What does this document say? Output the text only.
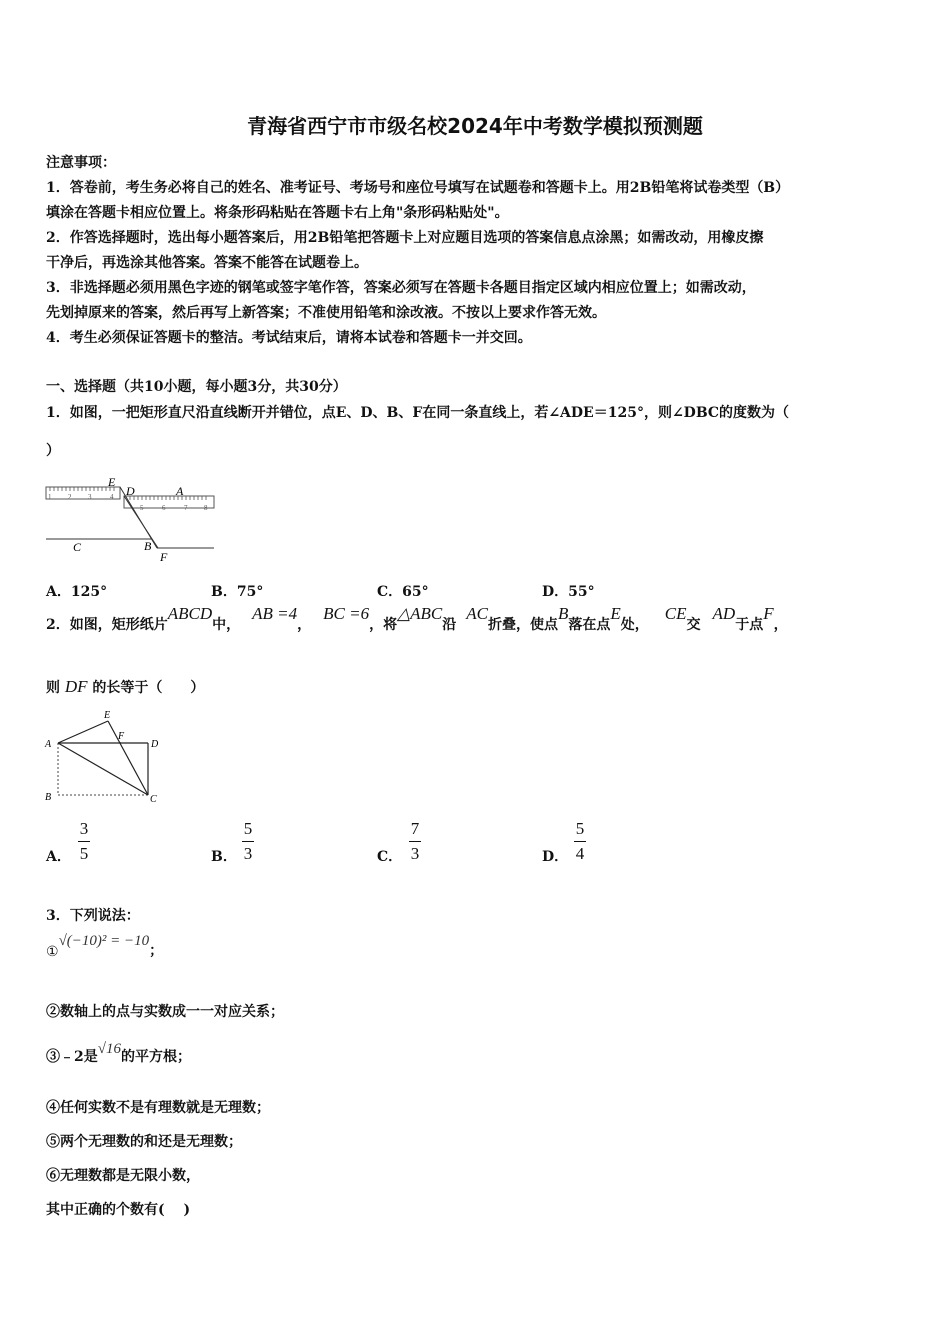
青海省西宁市市级名校2024年中考数学模拟预测题
注意事项：
1．答卷前，考生务必将自己的姓名、准考证号、考场号和座位号填写在试题卷和答题卡上。用2B铅笔将试卷类型（B）
填涂在答题卡相应位置上。将条形码粘贴在答题卡右上角"条形码粘贴处"。
2．作答选择题时，选出每小题答案后，用2B铅笔把答题卡上对应题目选项的答案信息点涂黑；如需改动，用橡皮擦
干净后，再选涂其他答案。答案不能答在试题卷上。
3．非选择题必须用黑色字迹的钢笔或签字笔作答，答案必须写在答题卡各题目指定区域内相应位置上；如需改动，
先划掉原来的答案，然后再写上新答案；不准使用铅笔和涂改液。不按以上要求作答无效。
4．考生必须保证答题卡的整洁。考试结束后，请将本试卷和答题卡一并交回。
一、选择题（共10小题，每小题3分，共30分）
1．如图，一把矩形直尺沿直线断开并错位，点E、D、B、F在同一条直线上，若∠ADE＝125°，则∠DBC的度数为（
）
1 2 3	4
5	6	7 8
E
D	A
C	B
F
A．125°	B．75°	C．65°	D．55°
2．如图，矩形纸片
ABCD
中，
AB =4
，
BC =6
，将
△ABC
沿
AC
折叠，使点
B
落在点
E
处，
CE
交
AD
于点
F
，
则 DF 的长等于（　　）
E
A
F
D
B	C
A．
3
5	B．
5
3	C．
7
3	D．
5
4
3．下列说法：
①
√(−10)² = −10
；
②数轴上的点与实数成一一对应关系；
③﹣2是 √16 的平方根；
④任何实数不是有理数就是无理数；
⑤两个无理数的和还是无理数；
⑥无理数都是无限小数，
其中正确的个数有(　 )
